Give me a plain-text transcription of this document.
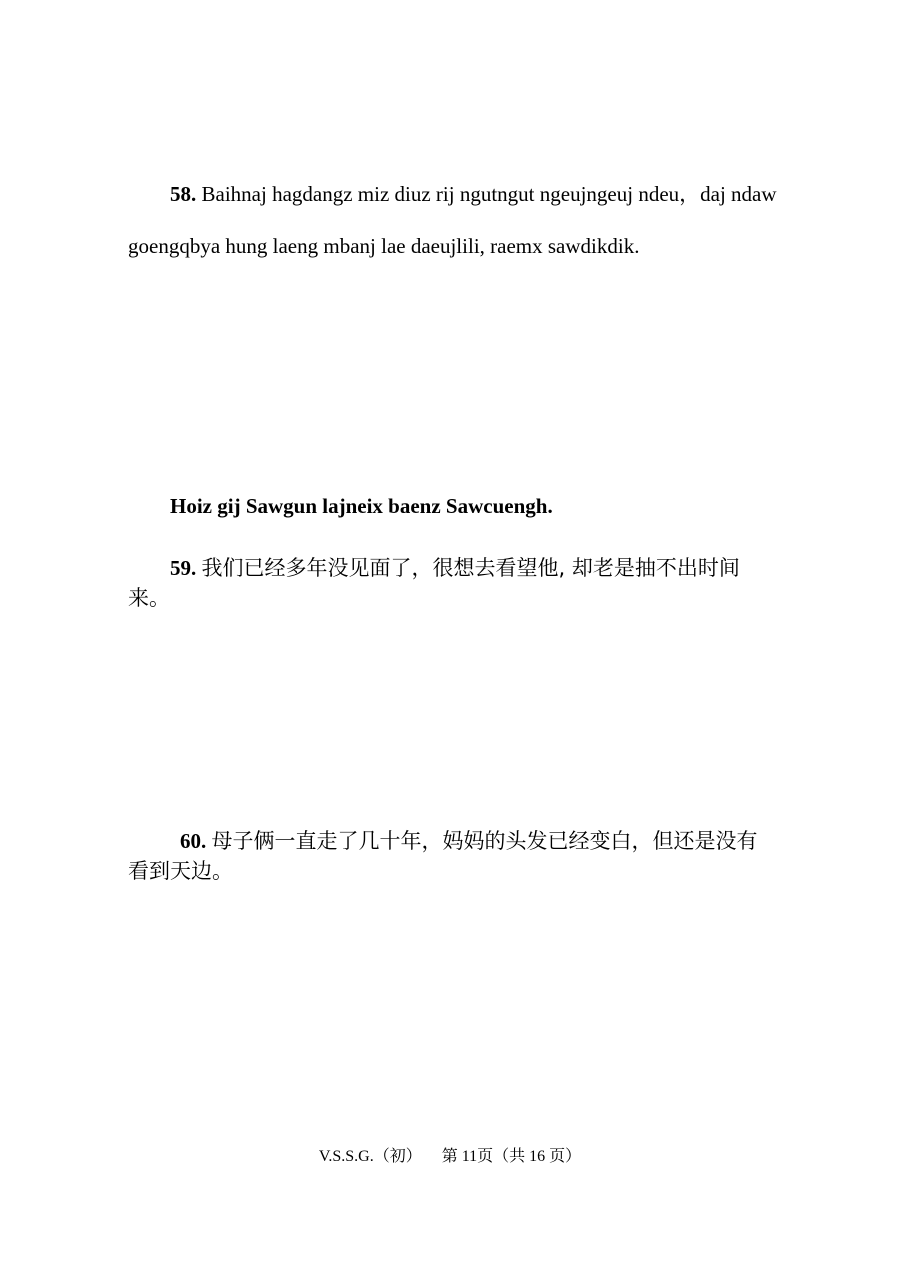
58. Baihnaj hagdangz miz diuz rij ngutngut ngeujngeuj ndeu，daj ndaw goengqbya hung laeng mbanj lae daeujlili, raemx sawdikdik.
Hoiz gij Sawgun lajneix baenz Sawcuengh.
59. 我们已经多年没见面了，很想去看望他, 却老是抽不出时间来。
60. 母子俩一直走了几十年，妈妈的头发已经变白，但还是没有看到天边。
V.S.S.G.（初） 第 11页（共 16 页）
